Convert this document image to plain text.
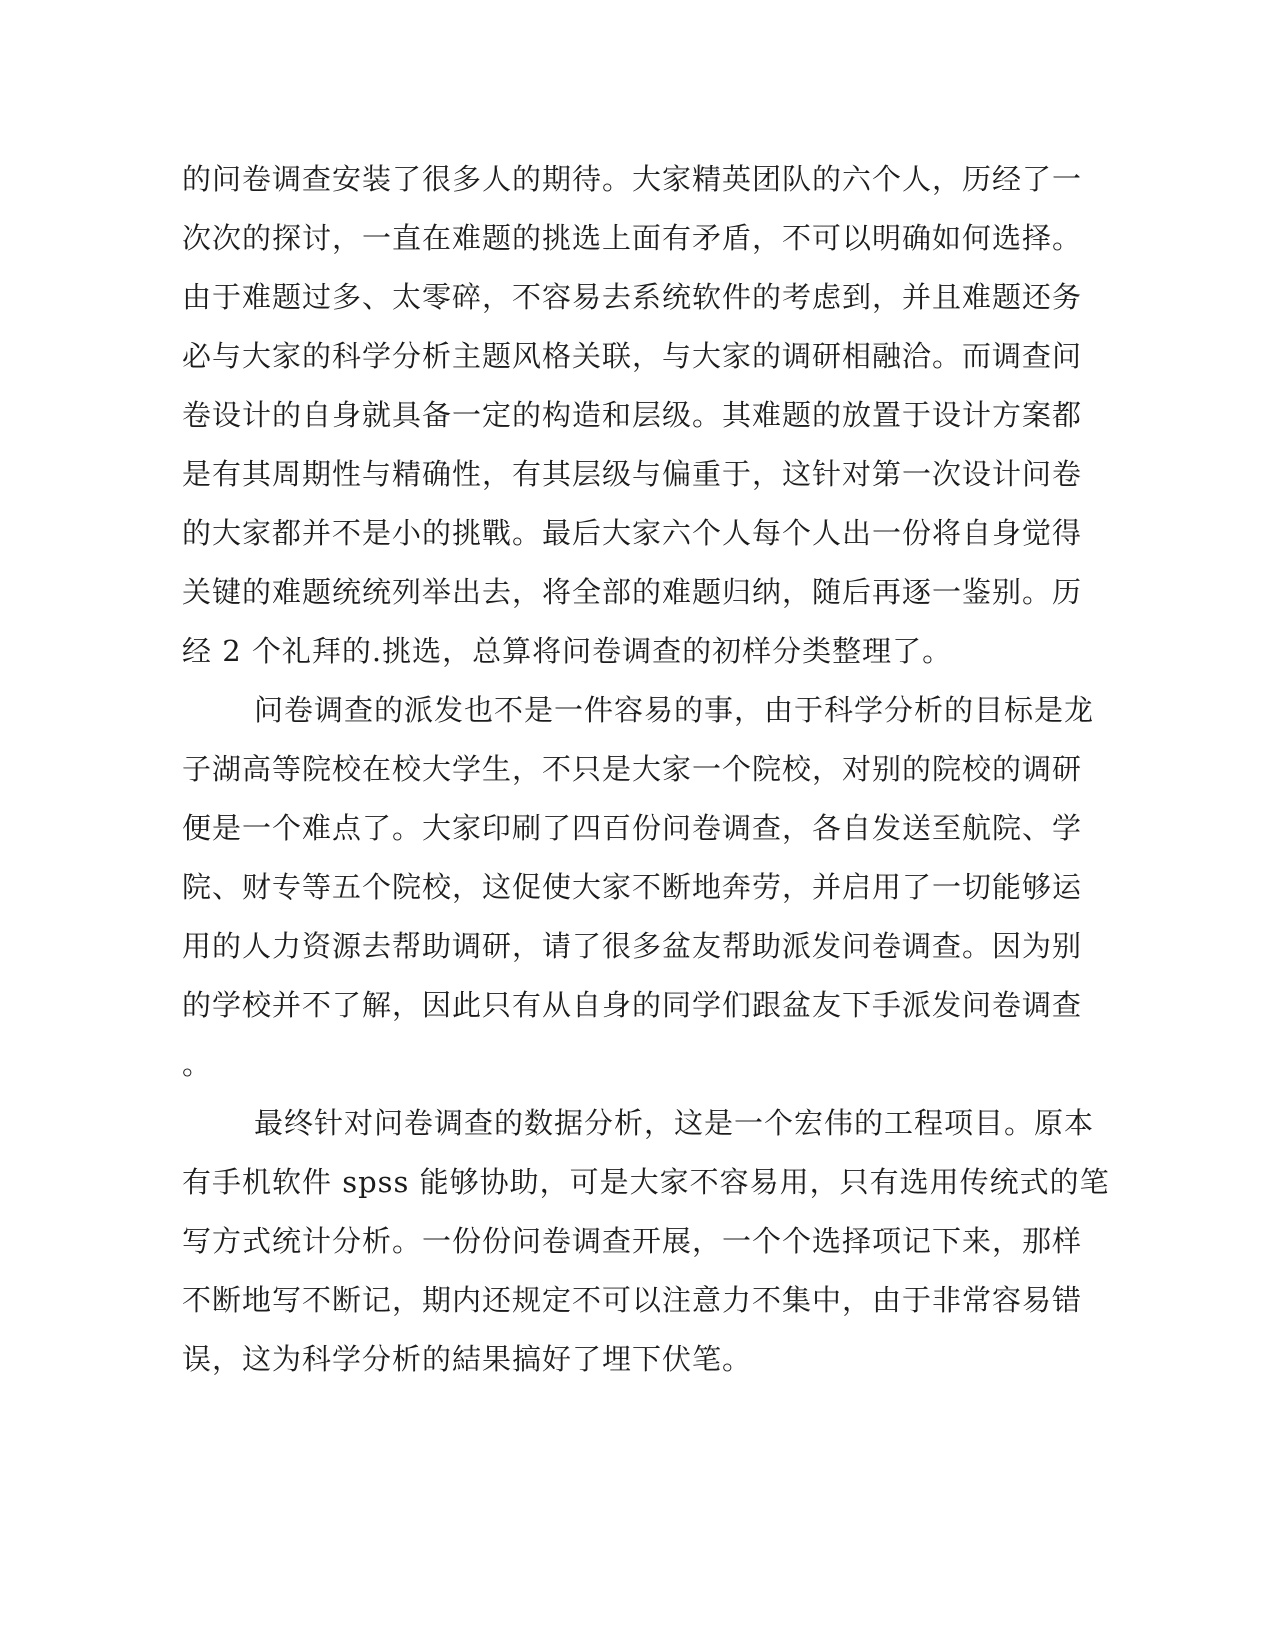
的问卷调查安装了很多人的期待。大家精英团队的六个人，历经了一
次次的探讨，一直在难题的挑选上面有矛盾，不可以明确如何选择。
由于难题过多、太零碎，不容易去系统软件的考虑到，并且难题还务
必与大家的科学分析主题风格关联，与大家的调研相融洽。而调查问
卷设计的自身就具备一定的构造和层级。其难题的放置于设计方案都
是有其周期性与精确性，有其层级与偏重于，这针对第一次设计问卷
的大家都并不是小的挑戰。最后大家六个人每个人出一份将自身觉得
关键的难题统统列举出去，将全部的难题归纳，随后再逐一鉴别。历
经 2 个礼拜的.挑选，总算将问卷调查的初样分类整理了。
问卷调查的派发也不是一件容易的事，由于科学分析的目标是龙
子湖高等院校在校大学生，不只是大家一个院校，对别的院校的调研
便是一个难点了。大家印刷了四百份问卷调查，各自发送至航院、学
院、财专等五个院校，这促使大家不断地奔劳，并启用了一切能够运
用的人力资源去帮助调研，请了很多盆友帮助派发问卷调查。因为别
的学校并不了解，因此只有从自身的同学们跟盆友下手派发问卷调查
。
最终针对问卷调查的数据分析，这是一个宏伟的工程项目。原本
有手机软件 spss 能够协助，可是大家不容易用，只有选用传统式的笔
写方式统计分析。一份份问卷调查开展，一个个选择项记下来，那样
不断地写不断记，期内还规定不可以注意力不集中，由于非常容易错
误，这为科学分析的結果搞好了埋下伏笔。
